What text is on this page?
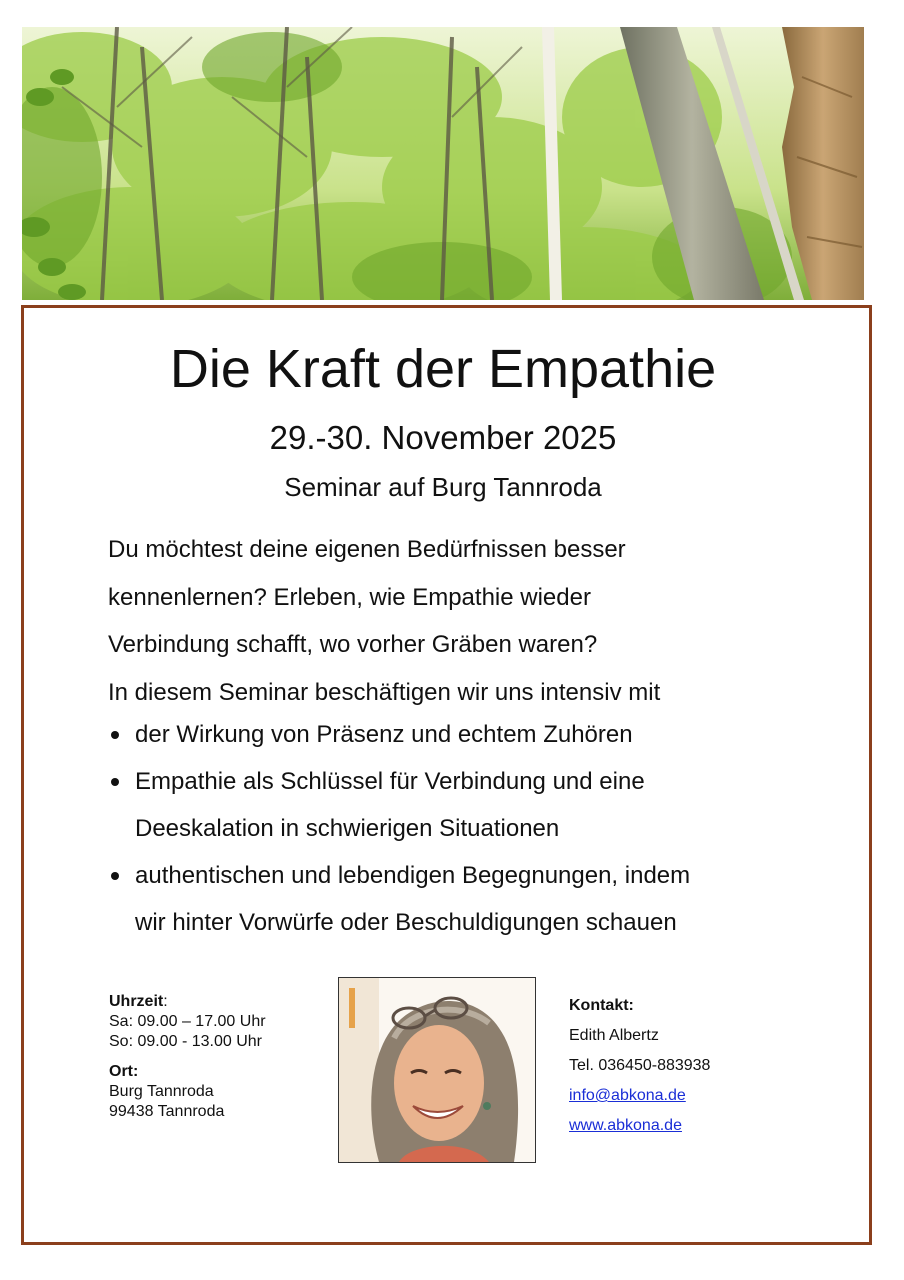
Die Kraft der Empathie
29.-30. November 2025
Seminar auf Burg Tannroda

Du möchtest deine eigenen Bedürfnissen besser

kennenlernen? Erleben, wie Empathie wieder

Verbindung schafft, wo vorher Gräben waren?

In diesem Seminar beschäftigen wir uns intensiv mit

der Wirkung von Präsenz und echtem Zuhören
Empathie als Schlüssel für Verbindung und eine
Deeskalation in schwierigen Situationen
authentischen und lebendigen Begegnungen, indem
wir hinter Vorwürfe oder Beschuldigungen schauen
Uhrzeit:
Sa: 09.00 – 17.00 Uhr
So: 09.00 - 13.00 Uhr
Ort:
Burg Tannroda
99438 Tannroda
Kontakt:
Edith Albertz
Tel. 036450-883938
info@abkona.de
www.abkona.de
